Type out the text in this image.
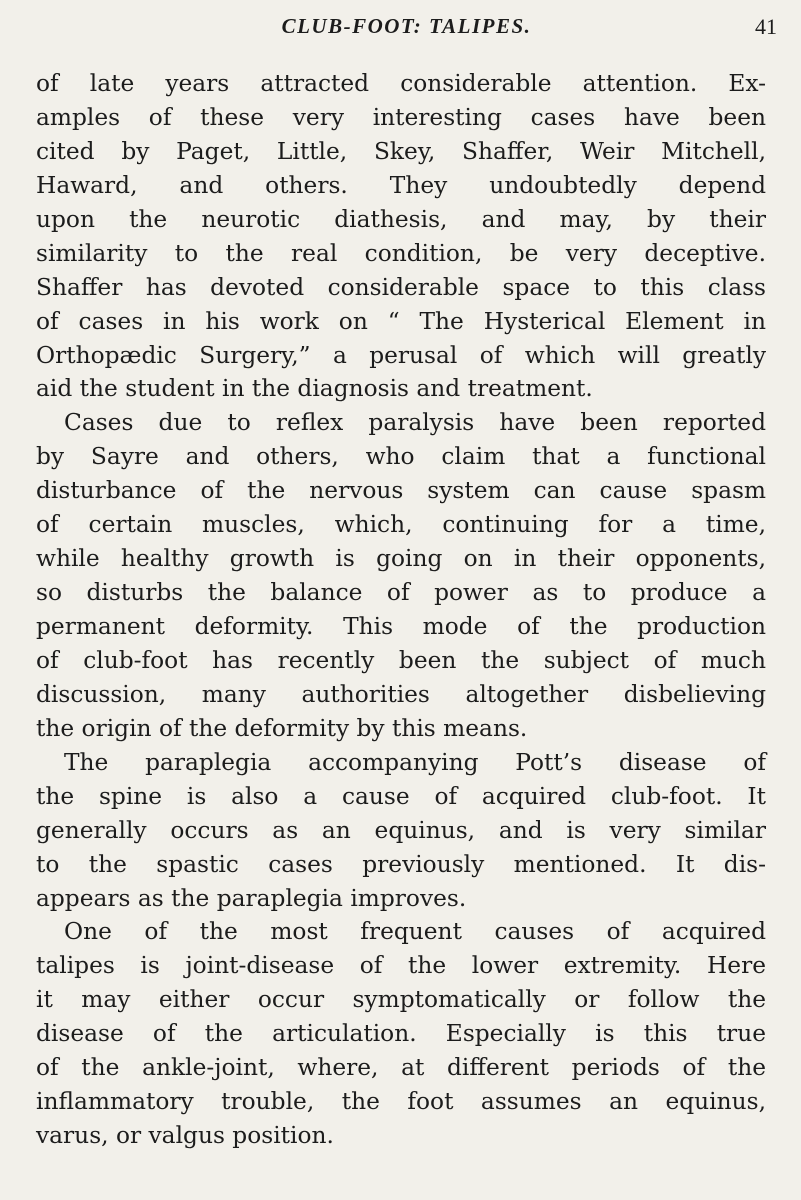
CLUB-FOOT: TALIPES.	41
of late years attracted considerable attention. Ex-
amples of these very interesting cases have been
cited by Paget, Little, Skey, Shaffer, Weir Mitchell,
Haward, and others. They undoubtedly depend
upon the neurotic diathesis, and may, by their
similarity to the real condition, be very deceptive.
Shaffer has devoted considerable space to this class
of cases in his work on “ The Hysterical Element in
Orthopædic Surgery,” a perusal of which will greatly
aid the student in the diagnosis and treatment.
Cases due to reflex paralysis have been reported
by Sayre and others, who claim that a functional
disturbance of the nervous system can cause spasm
of certain muscles, which, continuing for a time,
while healthy growth is going on in their opponents,
so disturbs the balance of power as to produce a
permanent deformity. This mode of the production
of club-foot has recently been the subject of much
discussion, many authorities altogether disbelieving
the origin of the deformity by this means.
The paraplegia accompanying Pott’s disease of
the spine is also a cause of acquired club-foot. It
generally occurs as an equinus, and is very similar
to the spastic cases previously mentioned. It dis-
appears as the paraplegia improves.
One of the most frequent causes of acquired
talipes is joint-disease of the lower extremity. Here
it may either occur symptomatically or follow the
disease of the articulation. Especially is this true
of the ankle-joint, where, at different periods of the
inflammatory trouble, the foot assumes an equinus,
varus, or valgus position.
